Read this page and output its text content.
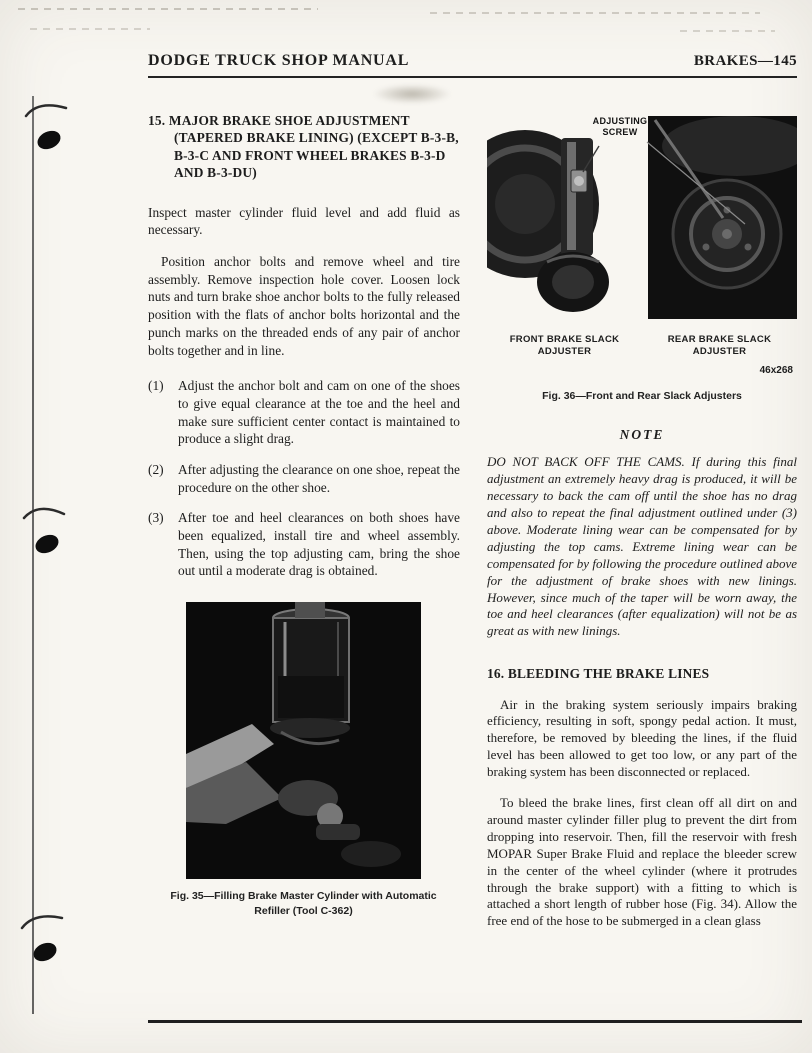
DODGE TRUCK SHOP MANUAL	BRAKES—145
15. MAJOR BRAKE SHOE ADJUSTMENT (TAPERED BRAKE LINING) (EXCEPT B-3-B, B-3-C AND FRONT WHEEL BRAKES B-3-D AND B-3-DU)

Inspect master cylinder fluid level and add fluid as necessary.

Position anchor bolts and remove wheel and tire assembly. Remove inspection hole cover. Loosen lock nuts and turn brake shoe anchor bolts to the fully released position with the flats of anchor bolts horizontal and the punch marks on the threaded ends of any pair of anchor bolts together and in line.

(1)	Adjust the anchor bolt and cam on one of the shoes to give equal clearance at the toe and the heel and make sure sufficient center contact is maintained to produce a slight drag.
(2)	After adjusting the clearance on one shoe, repeat the procedure on the other shoe.
(3)	After toe and heel clearances on both shoes have been equalized, install tire and wheel assembly. Then, using the top adjusting cam, bring the shoe out until a moderate drag is obtained.
Fig. 35—Filling Brake Master Cylinder with Automatic Refiller (Tool C-362)
ADJUSTING SCREW
FRONT BRAKE SLACK ADJUSTER
REAR BRAKE SLACK ADJUSTER
46x268
Fig. 36—Front and Rear Slack Adjusters
NOTE

DO NOT BACK OFF THE CAMS. If during this final adjustment an extremely heavy drag is produced, it will be necessary to back the cam off until the shoe has no drag and also to repeat the final adjustment outlined under (3) above. Moderate lining wear can be compensated for by adjusting the top cams. Extreme lining wear can be compensated for by following the procedure outlined above for the adjustment of brake shoes with new linings. However, since much of the taper will be worn away, the toe and heel clearances (after equalization) will not be as great as with new linings.

16. BLEEDING THE BRAKE LINES

Air in the braking system seriously impairs braking efficiency, resulting in soft, spongy pedal action. It must, therefore, be removed by bleeding the lines, if the fluid level has been allowed to get too low, or any part of the braking system has been disconnected or replaced.

To bleed the brake lines, first clean off all dirt on and around master cylinder filler plug to prevent the dirt from dropping into reservoir. Then, fill the reservoir with fresh MOPAR Super Brake Fluid and replace the bleeder screw in the center of the wheel cylinder (where it protrudes through the brake support) with a fitting to which is attached a short length of rubber hose (Fig. 34). Allow the free end of the hose to be submerged in a clean glass
